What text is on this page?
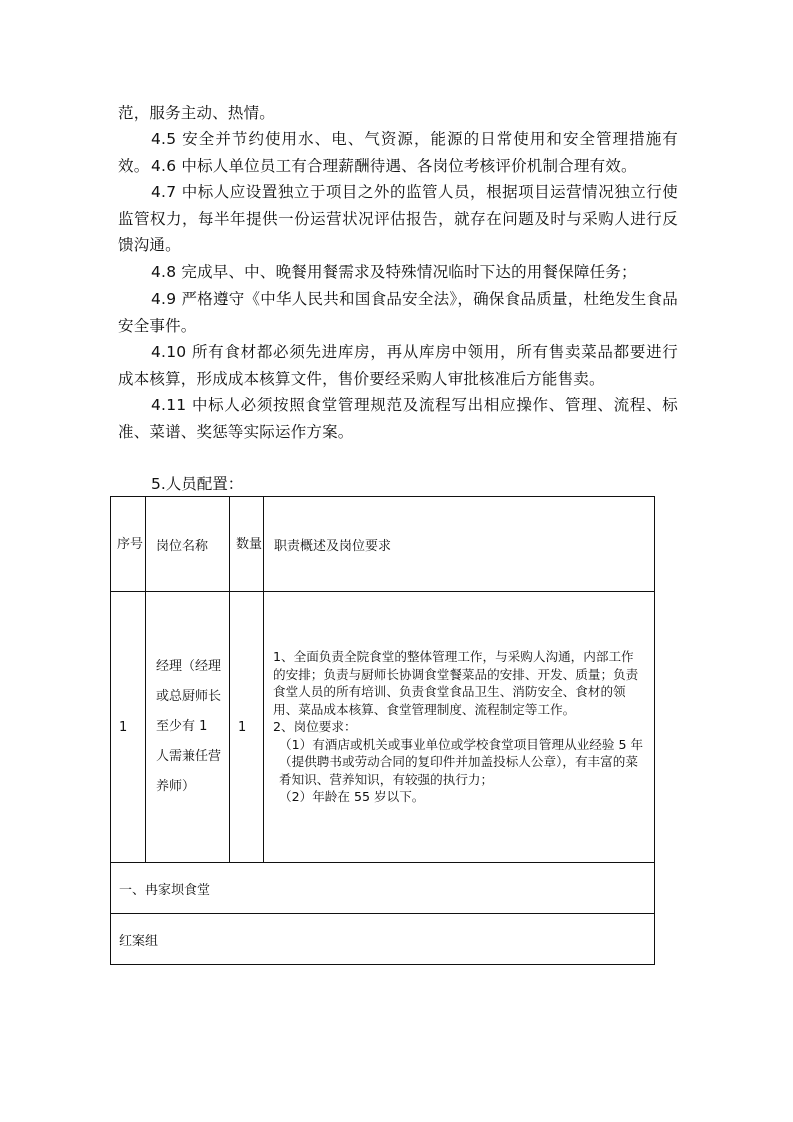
范，服务主动、热情。

4.5 安全并节约使用水、电、气资源，能源的日常使用和安全管理措施有效。 4.6 中标人单位员工有合理薪酬待遇、各岗位考核评价机制合理有效。

4.7 中标人应设置独立于项目之外的监管人员，根据项目运营情况独立行使监管权力，每半年提供一份运营状况评估报告，就存在问题及时与采购人进行反馈沟通。

4.8 完成早、中、晚餐用餐需求及特殊情况临时下达的用餐保障任务；

4.9 严格遵守《中华人民共和国食品安全法》，确保食品质量，杜绝发生食品安全事件。

4.10 所有食材都必须先进库房，再从库房中领用，所有售卖菜品都要进行成本核算，形成成本核算文件，售价要经采购人审批核准后方能售卖。

4.11 中标人必须按照食堂管理规范及流程写出相应操作、管理、流程、标准、菜谱、奖惩等实际运作方案。

5.人员配置：

序号	岗位名称	数量	职责概述及岗位要求
1	经理（经理或总厨师长至少有 1 人需兼任营养师）	1	1、全面负责全院食堂的整体管理工作，与采购人沟通，内部工作的安排；负责与厨师长协调食堂餐菜品的安排、开发、质量；负责食堂人员的所有培训、负责食堂食品卫生、消防安全、食材的领用、菜品成本核算、食堂管理制度、流程制定等工作。
2、岗位要求：
（1）有酒店或机关或事业单位或学校食堂项目管理从业经验 5 年（提供聘书或劳动合同的复印件并加盖投标人公章），有丰富的菜肴知识、营养知识，有较强的执行力；
（2）年龄在 55 岁以下。

一、冉家坝食堂			
红案组			
